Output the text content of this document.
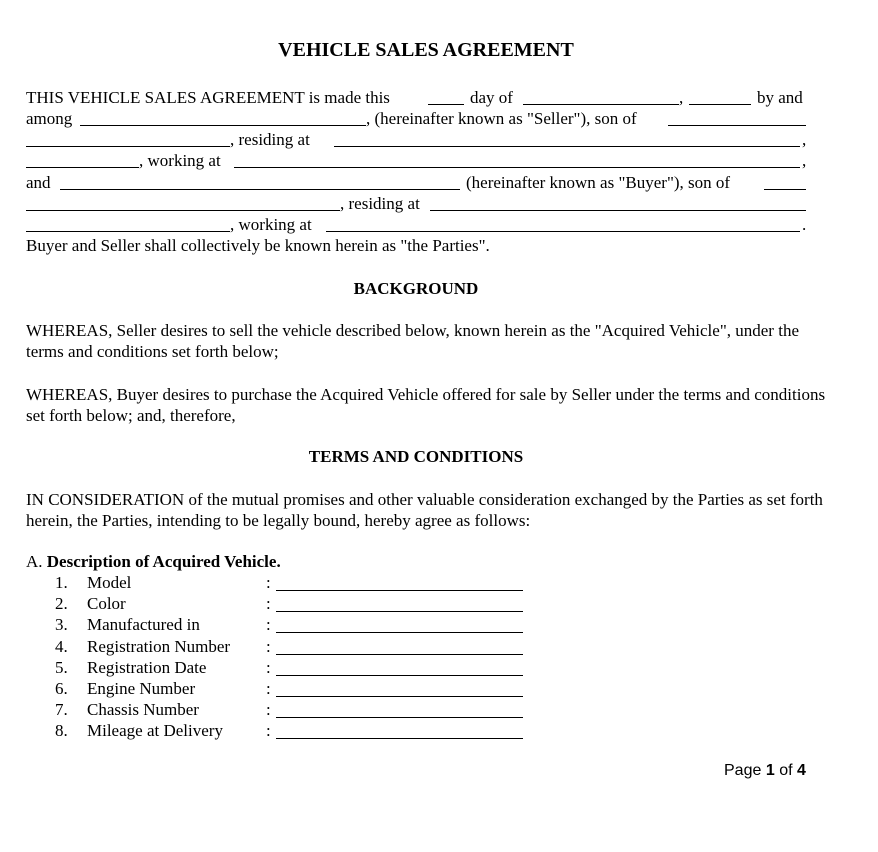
VEHICLE SALES AGREEMENT
THIS VEHICLE SALES AGREEMENT is made this	day of	,	by and
among	, (hereinafter known as "Seller"), son of
, residing at	,
, working at	,
and	(hereinafter known as "Buyer"), son of
, residing at
, working at	.
Buyer and Seller shall collectively be known herein as "the Parties".
BACKGROUND
WHEREAS, Seller desires to sell the vehicle described below, known herein as the "Acquired Vehicle", under the terms and conditions set forth below;
WHEREAS, Buyer desires to purchase the Acquired Vehicle offered for sale by Seller under the terms and conditions set forth below; and, therefore,
TERMS AND CONDITIONS
IN CONSIDERATION of the mutual promises and other valuable consideration exchanged by the Parties as set forth herein, the Parties, intending to be legally bound, hereby agree as follows:
A. Description of Acquired Vehicle.
1. Model	:
2. Color	:
3. Manufactured in	:
4. Registration Number :
5. Registration Date	:
6. Engine Number	:
7. Chassis Number	:
8. Mileage at Delivery	:
Page 1 of 4
